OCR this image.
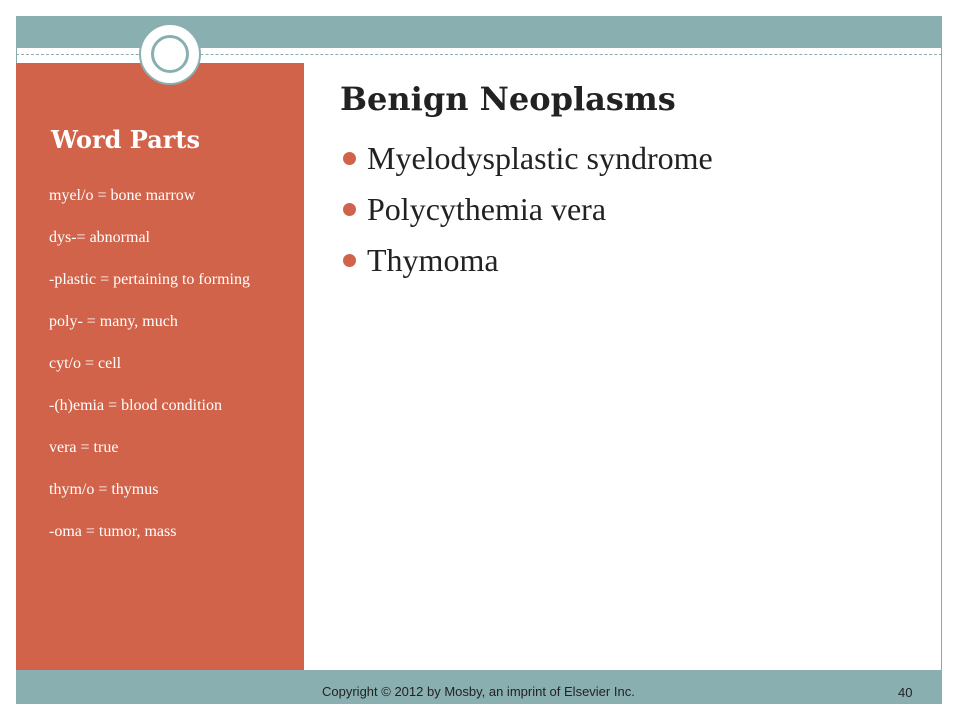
Word Parts
myel/o = bone marrow
dys-= abnormal
-plastic = pertaining to forming
poly- = many, much
cyt/o = cell
-(h)emia = blood condition
vera = true
thym/o = thymus
-oma = tumor, mass
Benign Neoplasms
Myelodysplastic syndrome
Polycythemia vera
Thymoma
Copyright © 2012 by Mosby, an imprint of Elsevier Inc.	40
